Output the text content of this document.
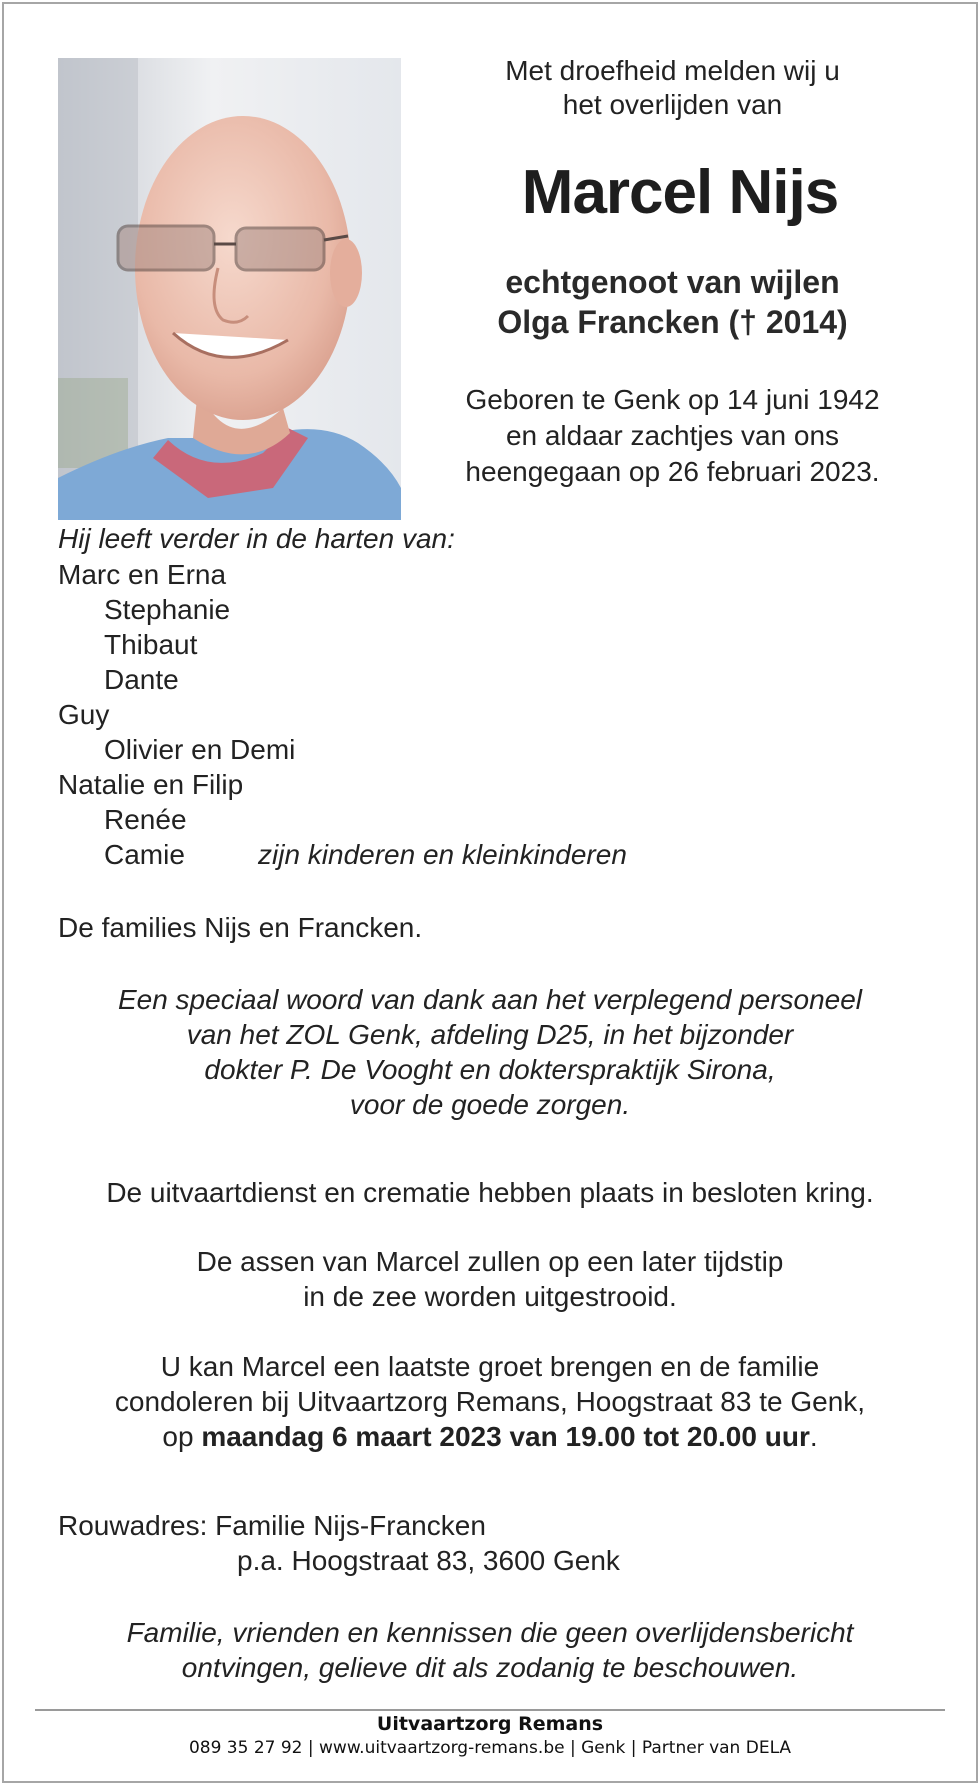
Met droefheid melden wij u
het overlijden van
Marcel Nijs
echtgenoot van wijlen
Olga Francken († 2014)
Geboren te Genk op 14 juni 1942
en aldaar zachtjes van ons
heengegaan op 26 februari 2023.
Hij leeft verder in de harten van:
Marc en Erna
Stephanie
Thibaut
Dante
Guy
Olivier en Demi
Natalie en Filip
Renée
Camie	zijn kinderen en kleinkinderen
De families Nijs en Francken.
Een speciaal woord van dank aan het verplegend personeel
van het ZOL Genk, afdeling D25, in het bijzonder
dokter P. De Vooght en dokterspraktijk Sirona,
voor de goede zorgen.
De uitvaartdienst en crematie hebben plaats in besloten kring.
De assen van Marcel zullen op een later tijdstip
in de zee worden uitgestrooid.
U kan Marcel een laatste groet brengen en de familie
condoleren bij Uitvaartzorg Remans, Hoogstraat 83 te Genk,
op maandag 6 maart 2023 van 19.00 tot 20.00 uur.
Rouwadres: Familie Nijs-Francken
p.a. Hoogstraat 83, 3600 Genk
Familie, vrienden en kennissen die geen overlijdensbericht
ontvingen, gelieve dit als zodanig te beschouwen.
Uitvaartzorg Remans
089 35 27 92 | www.uitvaartzorg-remans.be | Genk | Partner van DELA
